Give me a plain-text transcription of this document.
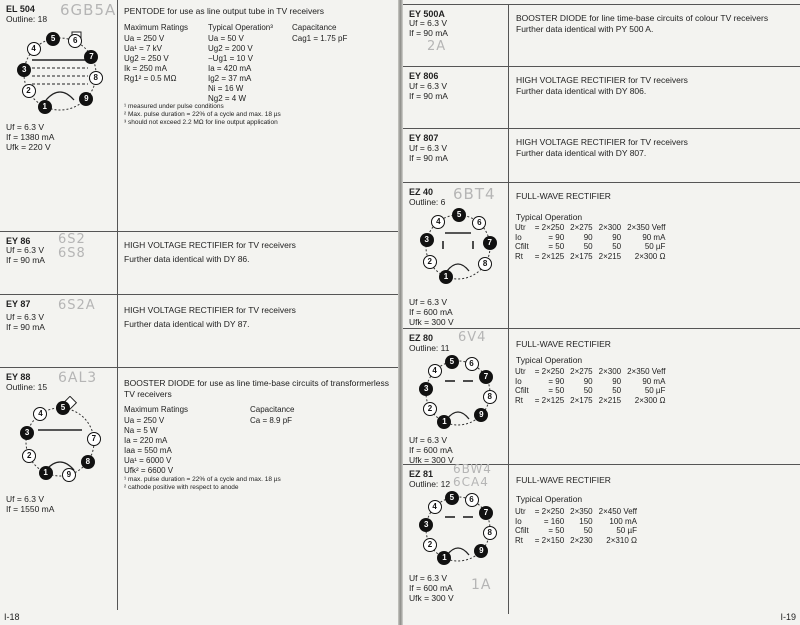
EL 504
Outline: 18 6GB5A
1
2
3
4
5	6
7
8
9
Uf = 6.3 V
If = 1380 mA
Ufk = 220 V
PENTODE for use as line output tube in TV receivers
Maximum Ratings
Ua = 250 V
Ua¹ = 7 kV
Ug2 = 250 V
Ik = 250 mA
Rg1² = 0.5 MΩ
Typical Operation³
Ua = 50 V
Ug2 = 200 V
−Ug1 = 10 V
Ia = 420 mA
Ig2 = 37 mA
Ni = 16 W
Ng2 = 4 W
Capacitance
Cag1 = 1.75 pF
¹ measured under pulse conditions
² Max. pulse duration = 22% of a cycle and max. 18 µs
³ should not exceed 2.2 MΩ for line output application
EY 86 6S2
6S8
Uf = 6.3 V
If = 90 mA
HIGH VOLTAGE RECTIFIER for TV receivers
Further data identical with DY 86.
EY 87 6S2A
Uf = 6.3 V
If = 90 mA
HIGH VOLTAGE RECTIFIER for TV receivers
Further data identical with DY 87.
EY 88
Outline: 15
6AL3
1
2
3
4
5
7
8
9
Uf = 6.3 V
If = 1550 mA
BOOSTER DIODE for use as line time-base circuits of transformerless TV receivers
Maximum Ratings
Ua = 250 V
Na = 5 W
Ia = 220 mA
Iaa = 550 mA
Ua¹ = 6000 V
Ufk² = 6600 V
Capacitance
Ca = 8.9 pF
¹ max. pulse duration = 22% of a cycle and max. 18 µs
² cathode positive with respect to anode
I-18
EY 500A
2A
Uf = 6.3 V
If = 90 mA
BOOSTER DIODE for line time-base circuits of colour TV receivers
Further data identical with PY 500 A.
EY 806
Uf = 6.3 V
If = 90 mA
HIGH VOLTAGE RECTIFIER for TV receivers
Further data identical with DY 806.
EY 807
Uf = 6.3 V
If = 90 mA
HIGH VOLTAGE RECTIFIER for TV receivers
Further data identical with DY 807.
EZ 40
Outline: 6 6BT4
1
2
3
4
5
6
7
8
Uf = 6.3 V
If = 600 mA
Ufk = 300 V
FULL-WAVE RECTIFIER
Typical Operation
Utr	= 2×250	2×275	2×300	2×350 Veff
Io	= 90	90	90	90 mA
Cfilt	= 50	50	50	50 µF
Rt	= 2×125	2×175	2×215	2×300 Ω
EZ 80
Outline: 11
6V4
1
2
3
4
5	6
7
8
9
Uf = 6.3 V
If = 600 mA
Ufk = 300 V
FULL-WAVE RECTIFIER
Typical Operation
Utr	= 2×250	2×275	2×300	2×350 Veff
Io	= 90	90	90	90 mA
Cfilt	= 50	50	50	50 µF
Rt	= 2×125	2×175	2×215	2×300 Ω
EZ 81
Outline: 12
6BW4
6CA4
1A
1
2
3
4
5	6
7
8
9
Uf = 6.3 V
If = 600 mA
Ufk = 300 V
FULL-WAVE RECTIFIER
Typical Operation
Utr	= 2×250	2×350	2×450 Veff
Io	= 160	150	100 mA
Cfilt	= 50	50	50 µF
Rt	= 2×150	2×230	2×310 Ω
I-19
